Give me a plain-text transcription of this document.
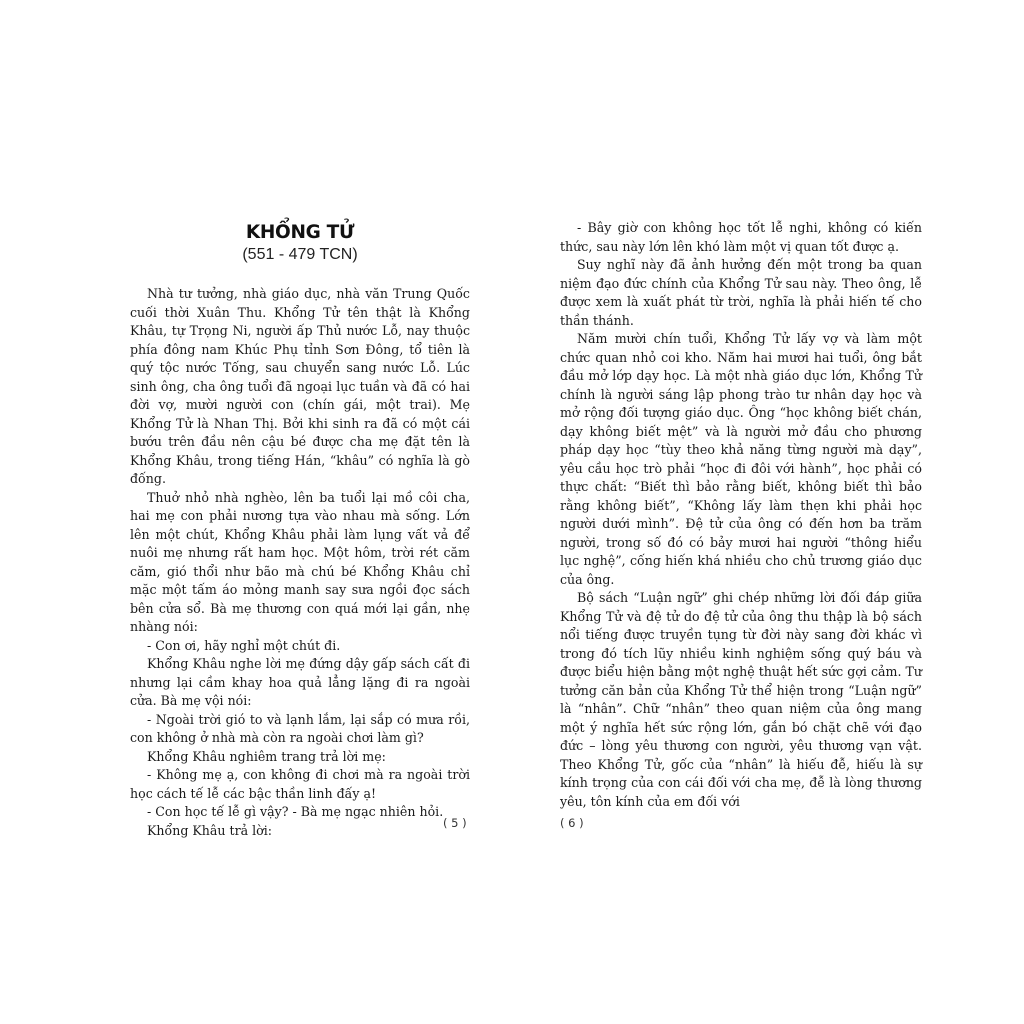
KHỔNG TỬ
(551 - 479 TCN)

Nhà tư tưởng, nhà giáo dục, nhà văn Trung Quốc cuối thời Xuân Thu. Khổng Tử tên thật là Khổng Khâu, tự Trọng Ni, người ấp Thủ nước Lỗ, nay thuộc phía đông nam Khúc Phụ tỉnh Sơn Đông, tổ tiên là quý tộc nước Tống, sau chuyển sang nước Lỗ. Lúc sinh ông, cha ông tuổi đã ngoại lục tuần và đã có hai đời vợ, mười người con (chín gái, một trai). Mẹ Khổng Tử là Nhan Thị. Bởi khi sinh ra đã có một cái bướu trên đầu nên cậu bé được cha mẹ đặt tên là Khổng Khâu, trong tiếng Hán, “khâu” có nghĩa là gò đống.

Thuở nhỏ nhà nghèo, lên ba tuổi lại mồ côi cha, hai mẹ con phải nương tựa vào nhau mà sống. Lớn lên một chút, Khổng Khâu phải làm lụng vất vả để nuôi mẹ nhưng rất ham học. Một hôm, trời rét căm căm, gió thổi như bão mà chú bé Khổng Khâu chỉ mặc một tấm áo mỏng manh say sưa ngồi đọc sách bên cửa sổ. Bà mẹ thương con quá mới lại gần, nhẹ nhàng nói:

- Con ơi, hãy nghỉ một chút đi.

Khổng Khâu nghe lời mẹ đứng dậy gấp sách cất đi nhưng lại cầm khay hoa quả lẳng lặng đi ra ngoài cửa. Bà mẹ vội nói:

- Ngoài trời gió to và lạnh lắm, lại sắp có mưa rồi, con không ở nhà mà còn ra ngoài chơi làm gì?

Khổng Khâu nghiêm trang trả lời mẹ:

- Không mẹ ạ, con không đi chơi mà ra ngoài trời học cách tế lễ các bậc thần linh đấy ạ!

- Con học tế lễ gì vậy? - Bà mẹ ngạc nhiên hỏi.

Khổng Khâu trả lời:	( 5 )

- Bây giờ con không học tốt lễ nghi, không có kiến thức, sau này lớn lên khó làm một vị quan tốt được ạ.

Suy nghĩ này đã ảnh hưởng đến một trong ba quan niệm đạo đức chính của Khổng Tử sau này. Theo ông, lễ được xem là xuất phát từ trời, nghĩa là phải hiến tế cho thần thánh.

Năm mười chín tuổi, Khổng Tử lấy vợ và làm một chức quan nhỏ coi kho. Năm hai mươi hai tuổi, ông bắt đầu mở lớp dạy học. Là một nhà giáo dục lớn, Khổng Tử chính là người sáng lập phong trào tư nhân dạy học và mở rộng đối tượng giáo dục. Ông “học không biết chán, dạy không biết mệt” và là người mở đầu cho phương pháp dạy học “tùy theo khả năng từng người mà dạy”, yêu cầu học trò phải “học đi đôi với hành”, học phải có thực chất: “Biết thì bảo rằng biết, không biết thì bảo rằng không biết”, “Không lấy làm thẹn khi phải học người dưới mình”. Đệ tử của ông có đến hơn ba trăm người, trong số đó có bảy mươi hai người “thông hiểu lục nghệ”, cống hiến khá nhiều cho chủ trương giáo dục của ông.

Bộ sách “Luận ngữ” ghi chép những lời đối đáp giữa Khổng Tử và đệ tử do đệ tử của ông thu thập là bộ sách nổi tiếng được truyền tụng từ đời này sang đời khác vì trong đó tích lũy nhiều kinh nghiệm sống quý báu và được biểu hiện bằng một nghệ thuật hết sức gợi cảm. Tư tưởng căn bản của Khổng Tử thể hiện trong “Luận ngữ” là “nhân”. Chữ “nhân” theo quan niệm của ông mang một ý nghĩa hết sức rộng lớn, gắn bó chặt chẽ với đạo đức – lòng yêu thương con người, yêu thương vạn vật. Theo Khổng Tử, gốc của “nhân” là hiếu đễ, hiếu là sự kính trọng của con cái đối với cha mẹ, đễ là lòng thương yêu, tôn kính của em đối với

( 6 )
